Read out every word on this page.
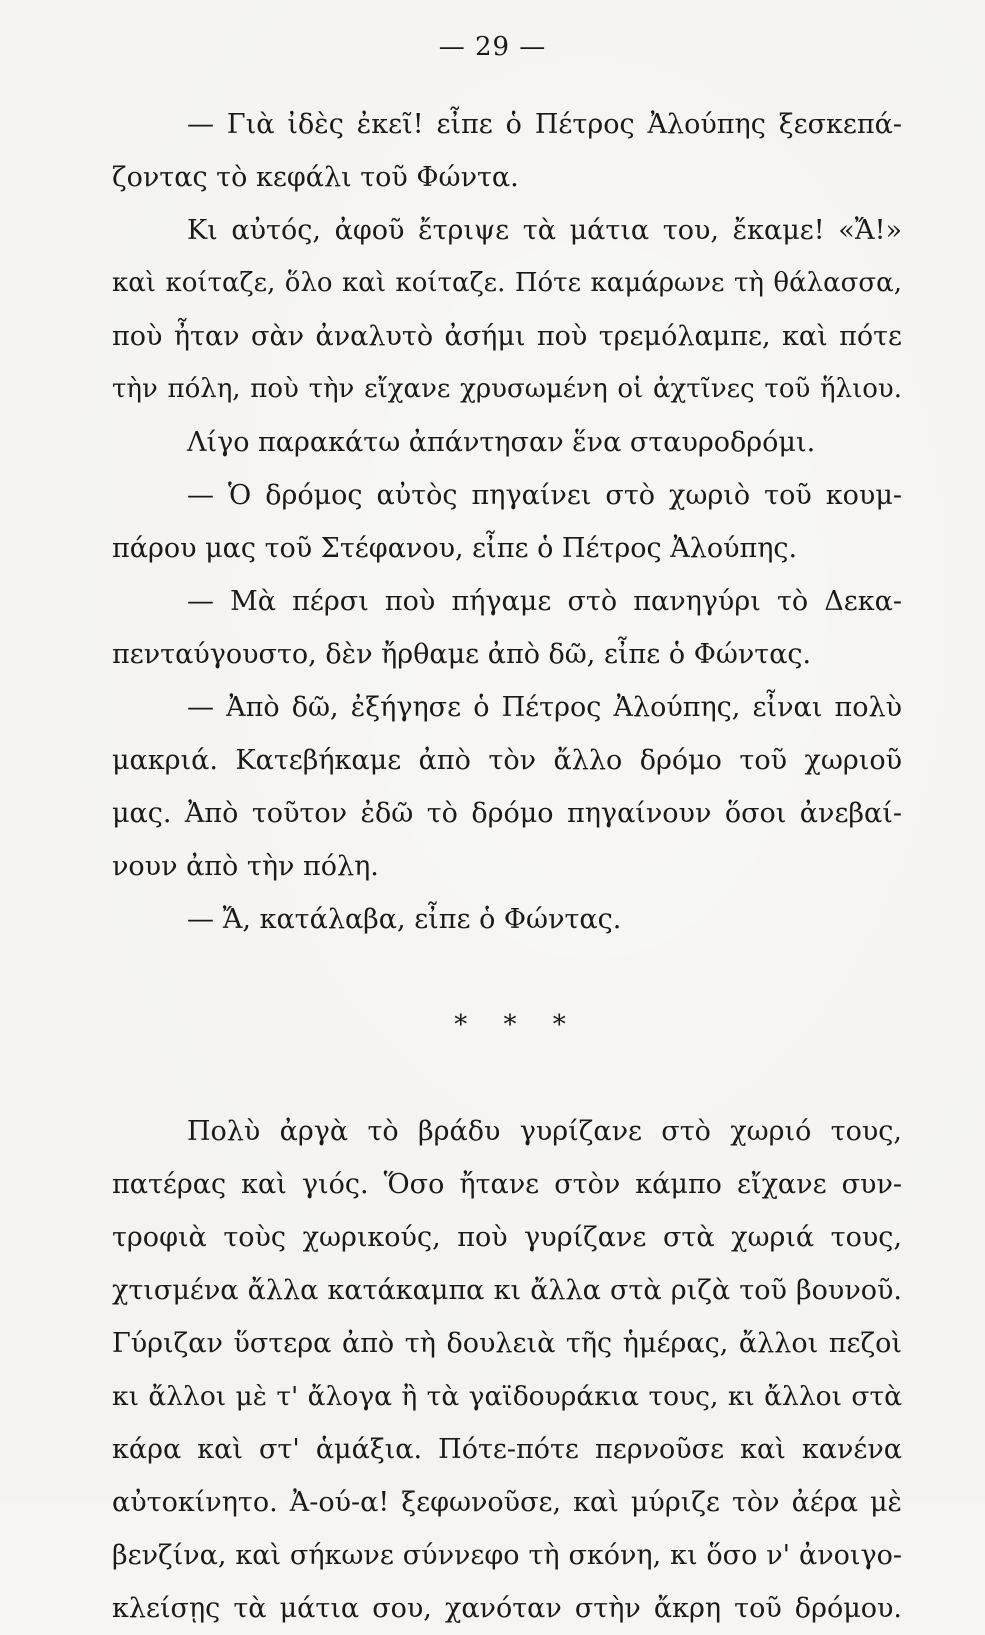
— 29 —
— Γιὰ ἰδὲς ἐκεῖ! εἶπε ὁ Πέτρος Ἀλούπης ξεσκεπά-
ζοντας τὸ κεφάλι τοῦ Φώντα.
Κι αὐτός, ἀφοῦ ἔτριψε τὰ μάτια του, ἔκαμε! «Ἄ!»
καὶ κοίταζε, ὅλο καὶ κοίταζε. Πότε καμάρωνε τὴ θάλασσα,
ποὺ ἦταν σὰν ἀναλυτὸ ἀσήμι ποὺ τρεμόλαμπε, καὶ πότε
τὴν πόλη, ποὺ τὴν εἴχανε χρυσωμένη οἱ ἀχτῖνες τοῦ ἥλιου.
Λίγο παρακάτω ἀπάντησαν ἕνα σταυροδρόμι.
— Ὁ δρόμος αὐτὸς πηγαίνει στὸ χωριὸ τοῦ κουμ-
πάρου μας τοῦ Στέφανου, εἶπε ὁ Πέτρος Ἀλούπης.
— Μὰ πέρσι ποὺ πήγαμε στὸ πανηγύρι τὸ Δεκα-
πενταύγουστο, δὲν ἤρθαμε ἀπὸ δῶ, εἶπε ὁ Φώντας.
— Ἀπὸ δῶ, ἐξήγησε ὁ Πέτρος Ἀλούπης, εἶναι πολὺ
μακριά. Κατεβήκαμε ἀπὸ τὸν ἄλλο δρόμο τοῦ χωριοῦ
μας. Ἀπὸ τοῦτον ἐδῶ τὸ δρόμο πηγαίνουν ὅσοι ἀνεβαί-
νουν ἀπὸ τὴν πόλη.
— Ἄ, κατάλαβα, εἶπε ὁ Φώντας.
* * *
Πολὺ ἀργὰ τὸ βράδυ γυρίζανε στὸ χωριό τους,
πατέρας καὶ γιός. Ὅσο ἤτανε στὸν κάμπο εἴχανε συν-
τροφιὰ τοὺς χωρικούς, ποὺ γυρίζανε στὰ χωριά τους,
χτισμένα ἄλλα κατάκαμπα κι ἄλλα στὰ ριζὰ τοῦ βουνοῦ.
Γύριζαν ὕστερα ἀπὸ τὴ δουλειὰ τῆς ἡμέρας, ἄλλοι πεζοὶ
κι ἄλλοι μὲ τ' ἄλογα ἢ τὰ γαϊδουράκια τους, κι ἄλλοι στὰ
κάρα καὶ στ' ἁμάξια. Πότε-πότε περνοῦσε καὶ κανένα
αὐτοκίνητο. Ἀ-ού-α! ξεφωνοῦσε, καὶ μύριζε τὸν ἀέρα μὲ
βενζίνα, καὶ σήκωνε σύννεφο τὴ σκόνη, κι ὅσο ν' ἀνοιγο-
κλείσῃς τὰ μάτια σου, χανόταν στὴν ἄκρη τοῦ δρόμου.
